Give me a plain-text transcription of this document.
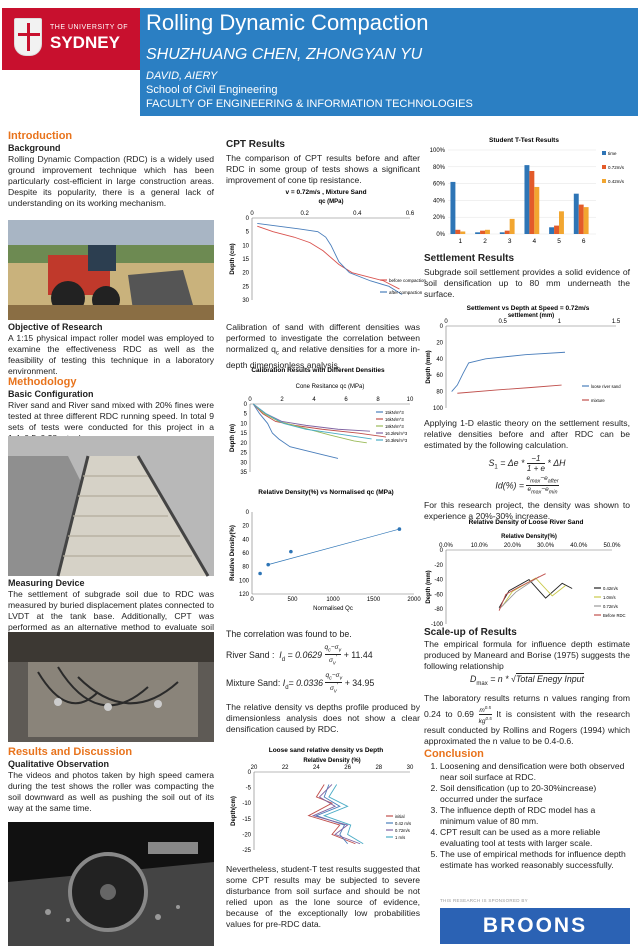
THE UNIVERSITY OF
SYDNEY
Rolling Dynamic Compaction
SHUZHUANG CHEN, ZHONGYAN YU
DAVID, AIERY
School of Civil Engineering
FACULTY OF ENGINEERING & INFORMATION TECHNOLOGIES
Introduction
Background

Rolling Dynamic Compaction (RDC) is a widely used ground improvement technique which has been particularly cost-efficient in large construction areas. Despite its popularity, there is a general lack of understanding on its working mechanism.

Objective of Research

A 1:15 physical impact roller model was employed to examine the effectiveness RDC as well as the feasibility of testing this technique in a laboratory environment.

Methodology
Basic Configuration

River sand and River sand mixed with 20% fines were tested at three different RDC running speed. In total 9 sets of tests were conducted for this project in a

Measuring Device

The settlement of subgrade soil due to RDC was measured by buried displacement plates connected to LVDT at the tank base. Additionally, CPT was performed as an alternative method to evaluate soil

Results and Discussion
Qualitative Observation

The videos and photos taken by high speed camera during the test shows the roller was compacting the soil downward as well as pushing the soil out of its way at the same time.

CPT Results

The comparison of CPT results before and after RDC in some group of tests shows a significant improvement of cone tip resistance.

v = 0.72m/s , Mixture Sand
qc (MPa)
Depth (cm)
0	0.2	0.4	0.6
0
5
10
15
20
25
30
before compaction
after compaction

Calibration of sand with different densities was performed to investigate the correlation between normalized $q_c$ and relative densities for a more in-depth dimensionless analysis.

Calibration Results with Different Densities
Cone Resitance qc (MPa)
Depth (m)
0	2	4	6	8	10
0
5
10
15
20
25
30
35
15kN/m^3
16kN/m^3
18kN/m^3
16.2kN/m^3
16.3kN/m^3
Relative Density(%) vs Normalised qc (MPa)
Normalised Qc
Relative Density(%)
0	500	1000	1500	2000
0
20
40
60
80
100
120
The correlation was found to be.
River Sand : $I_d = 0.0629 \frac{q_c-\sigma_v}{\sigma_v'} + 11.44$
Mixture Sand: $I_d= 0.0336 \frac{q_c-\sigma_v}{\sigma_v'} + 34.95$

The relative density vs depths profile produced by dimensionless analysis does not show a clear densification caused by RDC.

Loose sand relative density vs Depth
Relative Density (%)
Depth(cm)
20	22	24	26	28	30
0
-5
-10
-15
-20
-25
initial
0.42 m/s
0.72m/s
1 m/s

Nevertheless, student-T test results suggested that some CPT results may be subjected to severe disturbance from soil surface and should be not relied upon as the lone source of evidence, because of the exceptionally low probabilities values for pre-RDC data.

Student T-Test Results
0%
20%
40%
60%
80%
100%
1	2	3	4	5	6
time
0.72m/s
0.42m/s
Settlement Results

Subgrade soil settlement provides a solid evidence of soil densification up to 80 mm underneath the surface.

Settlement vs Depth at Speed = 0.72m/s
settlement (mm)
Depth (mm)
0	0.5	1	1.5
0
20
40
60
80
100
loose river sand
mixture

Applying 1-D elastic theory on the settlement results, relative densities before and after RDC can be estimated by the following calculation.

$S_1 = \Delta e * \frac{-1}{1 + e} * \Delta H$
Id(%) =
$e_{max}-e_{after}$
$e_{max}-e_{min}$

For this research project, the density was shown to experience a 20%-30% increase.

Relative Density of Loose River Sand
Relative Density(%)
Depth (mm)
0.0%	10.0%	20.0%	30.0%	40.0%	50.0%
0
-20
-40
-60
-80
-100
0.42m/s
1.0m/s
0.72m/s
Before RDC
Scale-up of Results

The empirical formula for influence depth estimate produced by Maneard and Borise (1975) suggests the following relationship

$D_{max} = n$ * √Total Enegy Input

The laboratory results returns n values ranging from 0.24 to $0.69 \frac{m^{0.5}}{kg^{0.5}}$ It is consistent with the research result conducted by Rollins and Rogers (1994) which approximated the n value to be 0.4-0.6.

Conclusion
1. Loosening and densification were both observed near soil surface at RDC.
2. Soil densification (up to 20-30%increase) occurred under the surface
3. The influence depth of RDC model has a minimum value of 80 mm.
4. CPT result can be used as a more reliable evaluating tool at tests with larger scale.
5. The use of empirical methods for influence depth estimate has worked reasonably successfully.
THIS RESEARCH IS SPONSORED BY
BROONS
